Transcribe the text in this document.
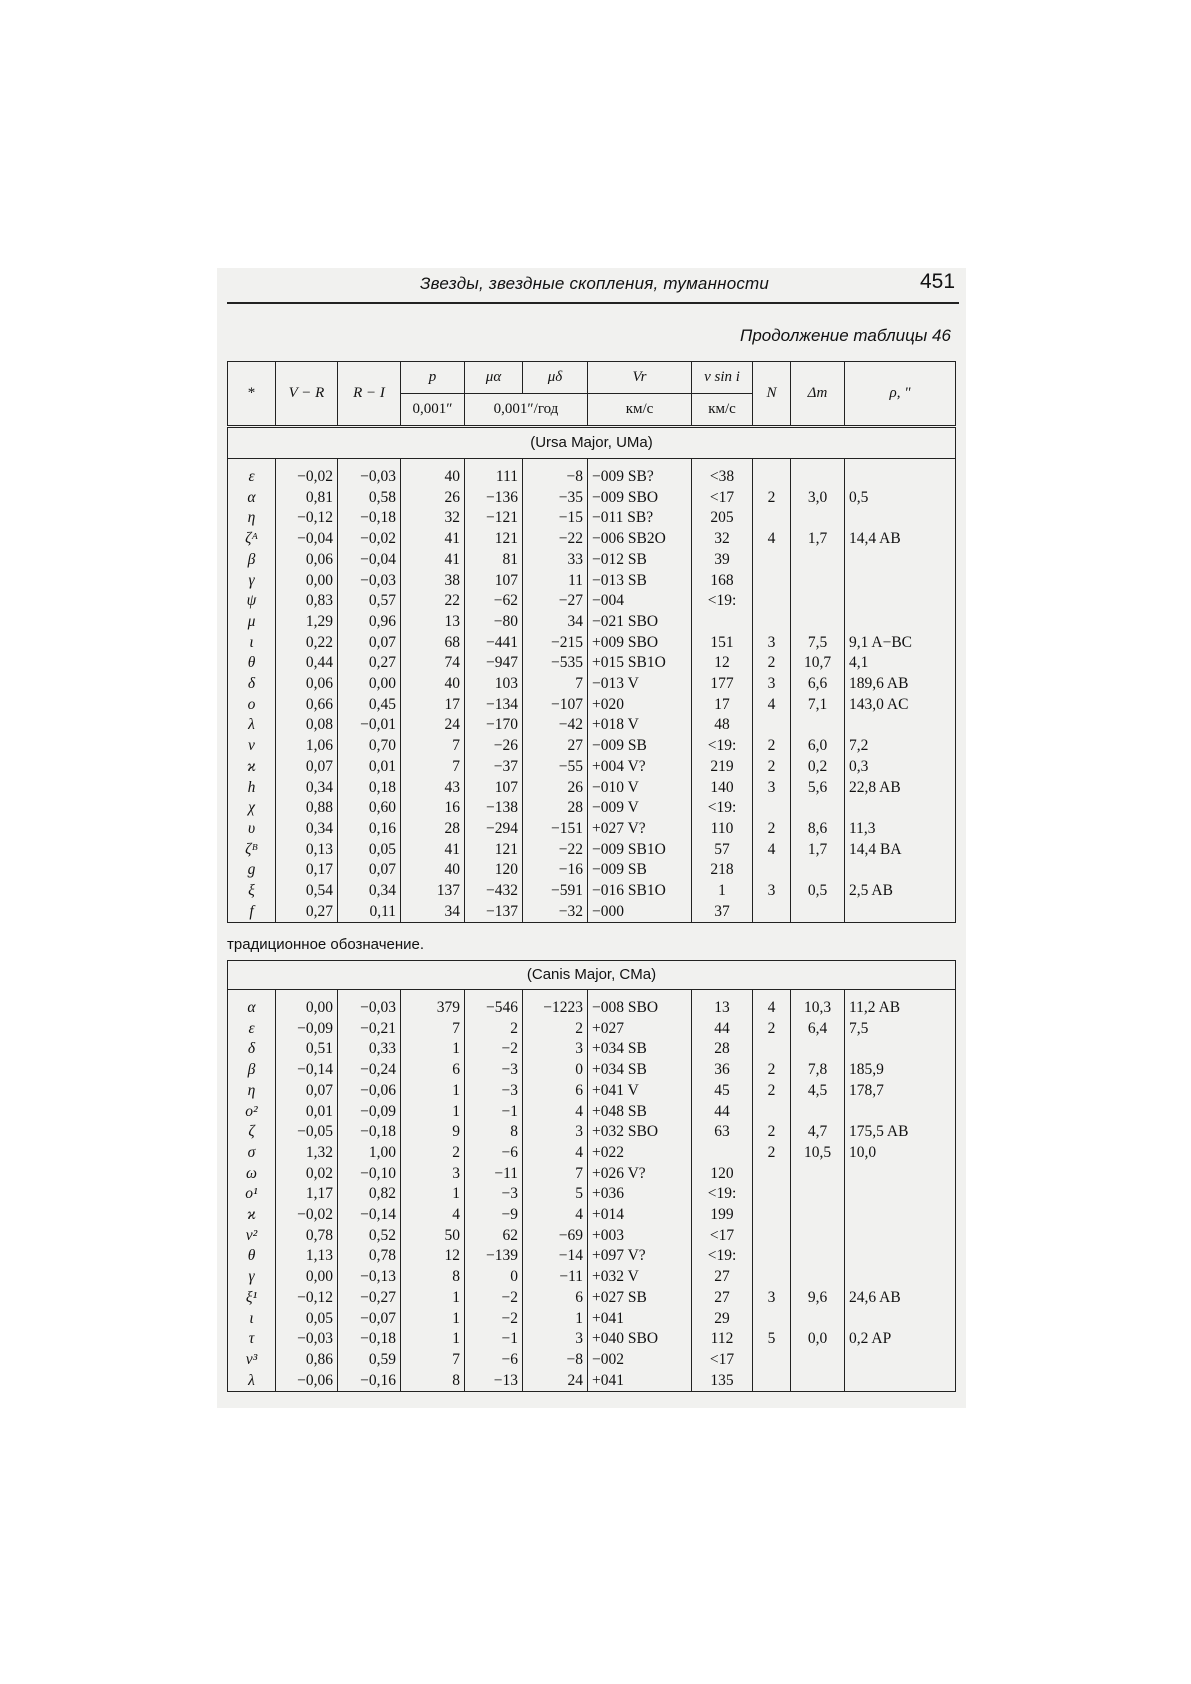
Звезды, звездные скопления, туманности	451
Продолжение таблицы 46
*	V − R	R − I	p	μα	μδ	Vr	v sin i	N	Δm	ρ, "
			0,001″	0,001″/год		км/с	км/с			
(Ursa Major, UMa)										
ε	−0,02	−0,03	40	111	−8	−009 SB?	<38			
α	0,81	0,58	26	−136	−35	−009 SBO	<17	2	3,0	0,5
η	−0,12	−0,18	32	−121	−15	−011 SB?	205			
ζᴬ	−0,04	−0,02	41	121	−22	−006 SB2O	32	4	1,7	14,4 AB
β	0,06	−0,04	41	81	33	−012 SB	39			
γ	0,00	−0,03	38	107	11	−013 SB	168			
ψ	0,83	0,57	22	−62	−27	−004	<19:			
μ	1,29	0,96	13	−80	34	−021 SBO				
ι	0,22	0,07	68	−441	−215	+009 SBO	151	3	7,5	9,1 A−BC
θ	0,44	0,27	74	−947	−535	+015 SB1O	12	2	10,7	4,1
δ	0,06	0,00	40	103	7	−013 V	177	3	6,6	189,6 AB
o	0,66	0,45	17	−134	−107	+020	17	4	7,1	143,0 AC
λ	0,08	−0,01	24	−170	−42	+018 V	48			
ν	1,06	0,70	7	−26	27	−009 SB	<19:	2	6,0	7,2
ϰ	0,07	0,01	7	−37	−55	+004 V?	219	2	0,2	0,3
h	0,34	0,18	43	107	26	−010 V	140	3	5,6	22,8 AB
χ	0,88	0,60	16	−138	28	−009 V	<19:			
υ	0,34	0,16	28	−294	−151	+027 V?	110	2	8,6	11,3
ζᴮ	0,13	0,05	41	121	−22	−009 SB1O	57	4	1,7	14,4 BA
g	0,17	0,07	40	120	−16	−009 SB	218			
ξ	0,54	0,34	137	−432	−591	−016 SB1O	1	3	0,5	2,5 AB
f	0,27	0,11	34	−137	−32	−000	37			
традиционное обозначение.
(Canis Major, CMa)										
α	0,00	−0,03	379	−546	−1223	−008 SBO	13	4	10,3	11,2 AB
ε	−0,09	−0,21	7	2	2	+027	44	2	6,4	7,5
δ	0,51	0,33	1	−2	3	+034 SB	28			
β	−0,14	−0,24	6	−3	0	+034 SB	36	2	7,8	185,9
η	0,07	−0,06	1	−3	6	+041 V	45	2	4,5	178,7
o²	0,01	−0,09	1	−1	4	+048 SB	44			
ζ	−0,05	−0,18	9	8	3	+032 SBO	63	2	4,7	175,5 AB
σ	1,32	1,00	2	−6	4	+022		2	10,5	10,0
ω	0,02	−0,10	3	−11	7	+026 V?	120			
o¹	1,17	0,82	1	−3	5	+036	<19:			
ϰ	−0,02	−0,14	4	−9	4	+014	199			
ν²	0,78	0,52	50	62	−69	+003	<17			
θ	1,13	0,78	12	−139	−14	+097 V?	<19:			
γ	0,00	−0,13	8	0	−11	+032 V	27			
ξ¹	−0,12	−0,27	1	−2	6	+027 SB	27	3	9,6	24,6 AB
ι	0,05	−0,07	1	−2	1	+041	29			
τ	−0,03	−0,18	1	−1	3	+040 SBO	112	5	0,0	0,2 AP
ν³	0,86	0,59	7	−6	−8	−002	<17			
λ	−0,06	−0,16	8	−13	24	+041	135			
